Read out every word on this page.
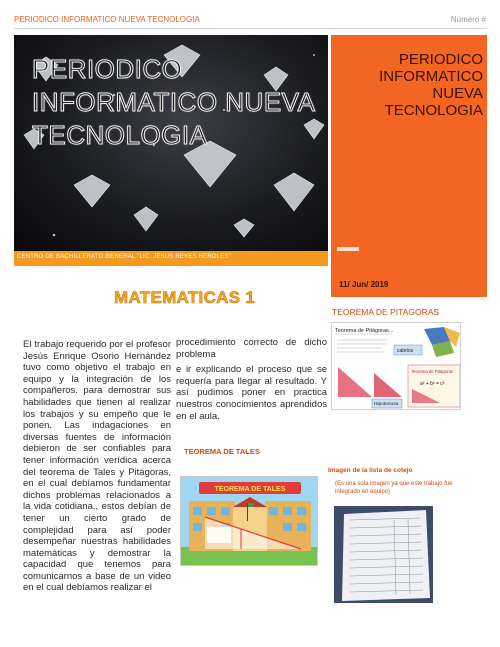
PERIODICO INFORMATICO NUEVA TECNOLOGIA	Número #
PERIODICO
INFORMATICO NUEVA
TECNOLOGIA
CENTRO DE BACHILLERATO GENERAL "LIC. JESUS REYES HEROLES"
PERIODICO
INFORMATICO
NUEVA
TECNOLOGIA
11/ Jun/ 2019
MATEMATICAS 1
El trabajo requerido por el profesor Jesús Enrique Osorio Hernández tuvo como objetivo el trabajo en equipo y la integración de los compañeros. para demostrar sus habilidades que tienen al realizar los trabajos y su empeño que le ponen. Las indagaciones en diversas fuentes de información debieron de ser confiables para tener información verídica acerca del teorema de Tales y Pitágoras, en el cual debíamos fundamentar dichos problemas relacionados a la vida cotidiana., estos debían de tener un cierto grado de complejidad para así poder desempeñar nuestras habilidades matemáticas y demostrar la capacidad que tenemos para comunicarnos a base de un video en el cual debíamos realizar el

procedimiento correcto de dicho problema

e ir explicando el proceso que se requería para llegar al resultado. Y así pudimos poner en practica nuestros conocimientos aprendidos en el aula.

TEOREMA DE PITAGORAS
Teorema de Pitágoras...
catetos
Hipotenusa
Teorema de Pitágoras
a² + b² = c²
TEOREMA DE TALES
TEOREMA DE TALES
Imagen de la lista de cotejo
(Es una sola imagen ya que este trabajo fue integrado en equipo)
